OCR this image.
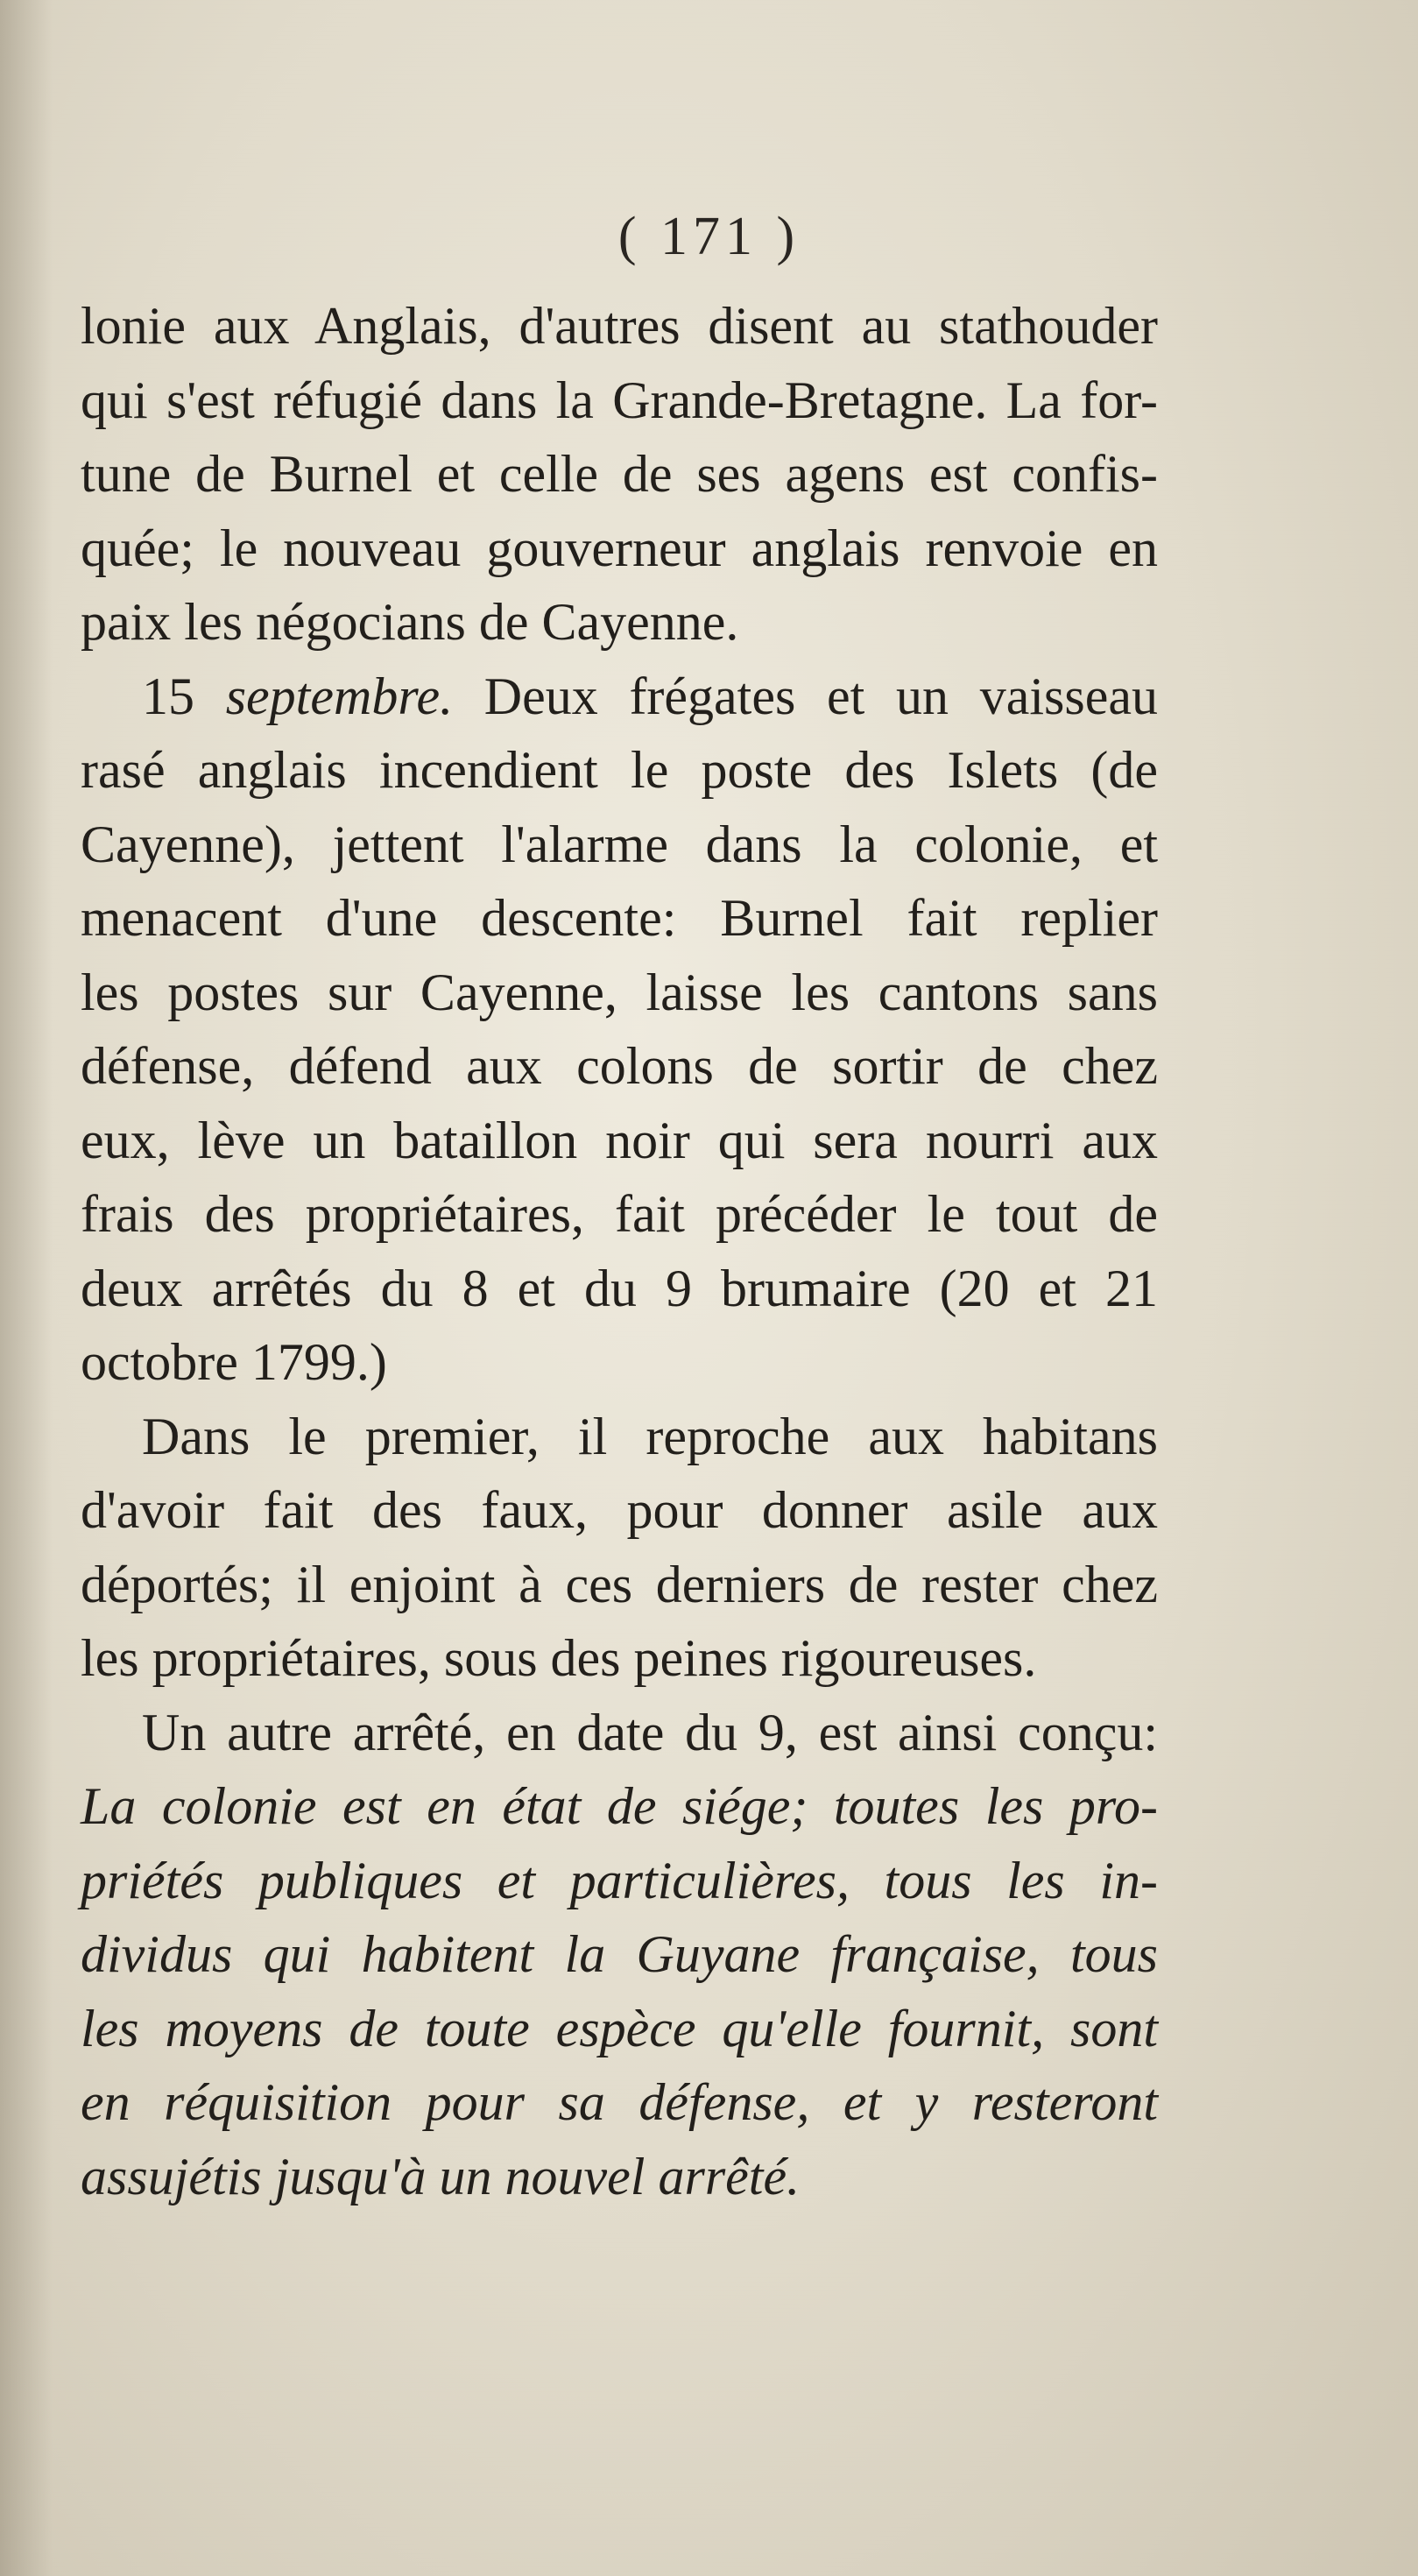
( 171 )
lonie aux Anglais, d'autres disent au stathouder
qui s'est réfugié dans la Grande-Bretagne. La for-
tune de Burnel et celle de ses agens est confis-
quée; le nouveau gouverneur anglais renvoie en
paix les négocians de Cayenne.
15 septembre. Deux frégates et un vaisseau
rasé anglais incendient le poste des Islets (de
Cayenne), jettent l'alarme dans la colonie, et
menacent d'une descente: Burnel fait replier
les postes sur Cayenne, laisse les cantons sans
défense, défend aux colons de sortir de chez
eux, lève un bataillon noir qui sera nourri aux
frais des propriétaires, fait précéder le tout de
deux arrêtés du 8 et du 9 brumaire (20 et 21
octobre 1799.)
Dans le premier, il reproche aux habitans
d'avoir fait des faux, pour donner asile aux
déportés; il enjoint à ces derniers de rester chez
les propriétaires, sous des peines rigoureuses.
Un autre arrêté, en date du 9, est ainsi conçu:
La colonie est en état de siége; toutes les pro-
priétés publiques et particulières, tous les in-
dividus qui habitent la Guyane française, tous
les moyens de toute espèce qu'elle fournit, sont
en réquisition pour sa défense, et y resteront
assujétis jusqu'à un nouvel arrêté.
